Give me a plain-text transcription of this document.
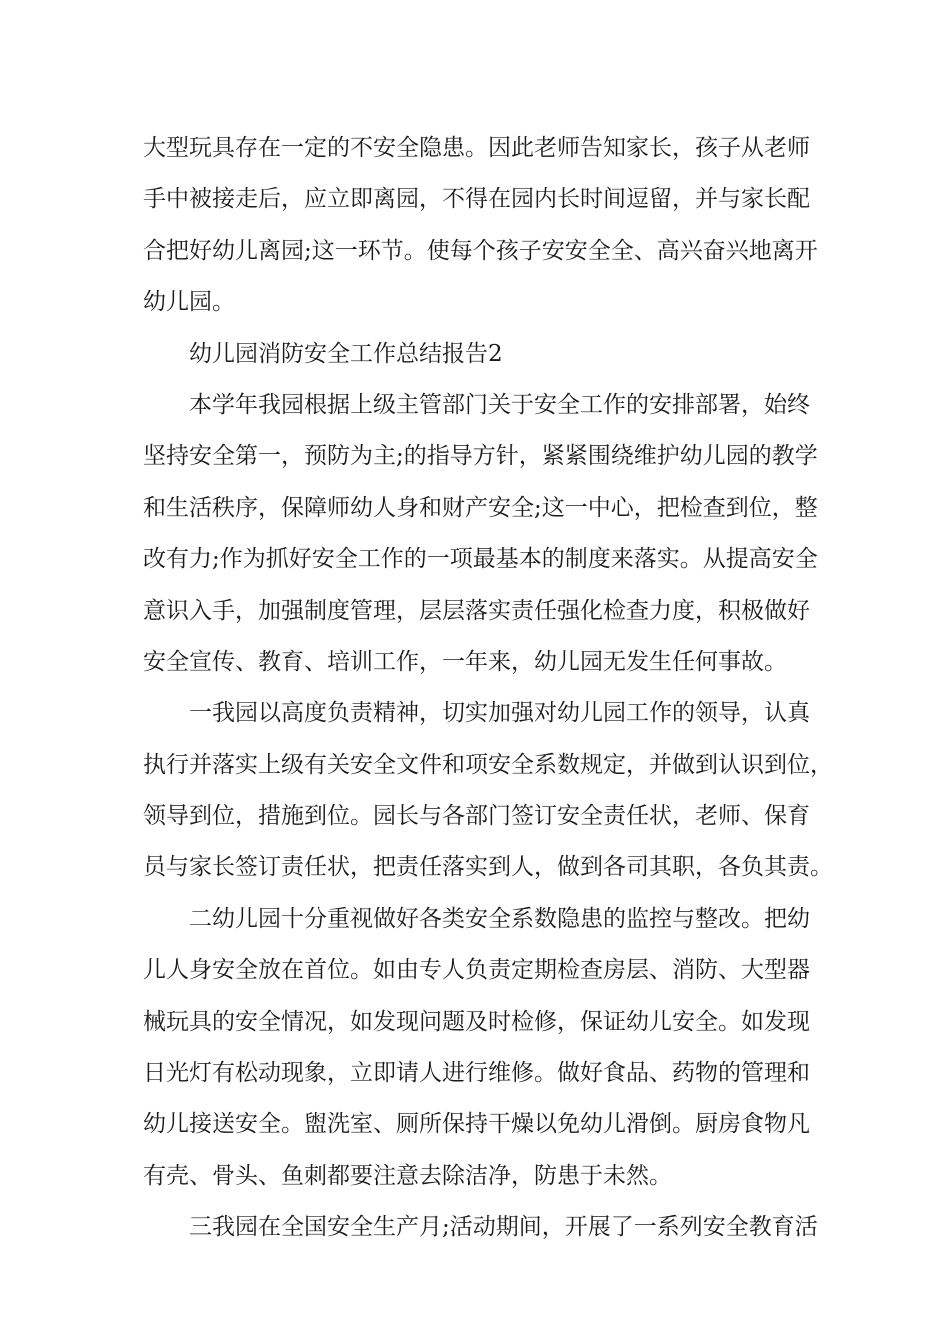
大型玩具存在一定的不安全隐患。因此老师告知家长，孩子从老师
手中被接走后，应立即离园，不得在园内长时间逗留，并与家长配
合把好幼儿离园;这一环节。使每个孩子安安全全、高兴奋兴地离开
幼儿园。
幼儿园消防安全工作总结报告2
本学年我园根据上级主管部门关于安全工作的安排部署，始终
坚持安全第一，预防为主;的指导方针，紧紧围绕维护幼儿园的教学
和生活秩序，保障师幼人身和财产安全;这一中心，把检查到位，整
改有力;作为抓好安全工作的一项最基本的制度来落实。从提高安全
意识入手，加强制度管理，层层落实责任强化检查力度，积极做好
安全宣传、教育、培训工作，一年来，幼儿园无发生任何事故。
一我园以高度负责精神，切实加强对幼儿园工作的领导，认真
执行并落实上级有关安全文件和项安全系数规定，并做到认识到位，
领导到位，措施到位。园长与各部门签订安全责任状，老师、保育
员与家长签订责任状，把责任落实到人，做到各司其职，各负其责。
二幼儿园十分重视做好各类安全系数隐患的监控与整改。把幼
儿人身安全放在首位。如由专人负责定期检查房层、消防、大型器
械玩具的安全情况，如发现问题及时检修，保证幼儿安全。如发现
日光灯有松动现象，立即请人进行维修。做好食品、药物的管理和
幼儿接送安全。盥洗室、厕所保持干燥以免幼儿滑倒。厨房食物凡
有壳、骨头、鱼刺都要注意去除洁净，防患于未然。
三我园在全国安全生产月;活动期间，开展了一系列安全教育活
